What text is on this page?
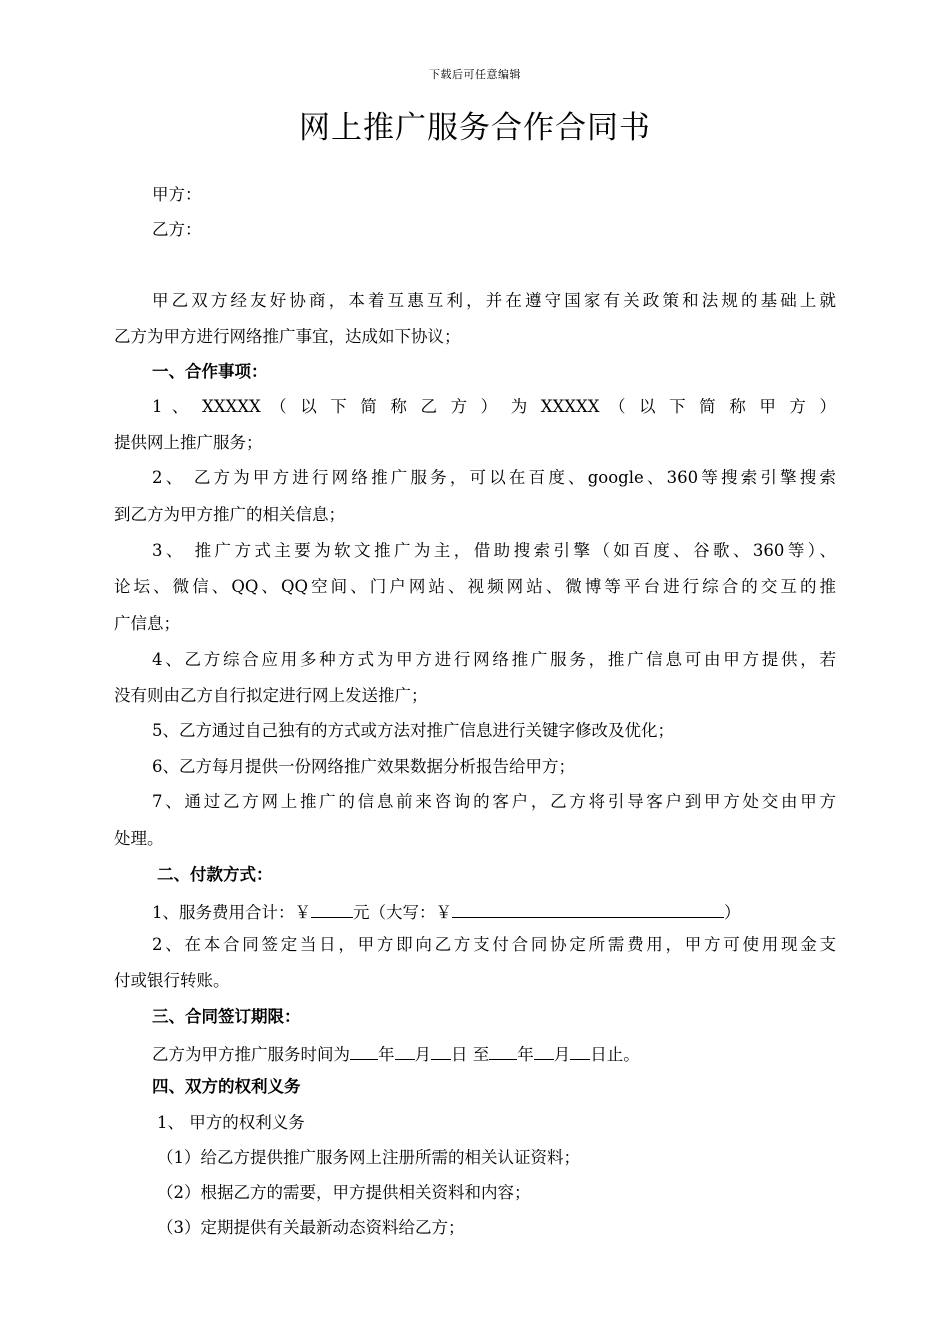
下载后可任意编辑
网上推广服务合作合同书
甲方：
乙方：
甲乙双方经友好协商，本着互惠互利，并在遵守国家有关政策和法规的基础上就
乙方为甲方进行网络推广事宜，达成如下协议；
一、合作事项：
1 、 XXXXX （ 以 下 简 称 乙 方 ） 为 XXXXX （ 以 下 简 称 甲 方 ）
提供网上推广服务；
2、 乙方为甲方进行网络推广服务，可以在百度、google、360等搜索引擎搜索
到乙方为甲方推广的相关信息；
3、 推广方式主要为软文推广为主，借助搜索引擎（如百度、谷歌、360等）、
论坛、微信、QQ、QQ空间、门户网站、视频网站、微博等平台进行综合的交互的推
广信息；
4、乙方综合应用多种方式为甲方进行网络推广服务，推广信息可由甲方提供，若
没有则由乙方自行拟定进行网上发送推广；
5、乙方通过自己独有的方式或方法对推广信息进行关键字修改及优化；
6、乙方每月提供一份网络推广效果数据分析报告给甲方；
7、通过乙方网上推广的信息前来咨询的客户，乙方将引导客户到甲方处交由甲方
处理。
二、付款方式：
1、服务费用合计：￥	元（大写：￥	）
2、在本合同签定当日，甲方即向乙方支付合同协定所需费用，甲方可使用现金支
付或银行转账。
三、合同签订期限：
乙方为甲方推广服务时间为 年 月 日 至 年 月 日止。
四、双方的权利义务
1、 甲方的权利义务
（1）给乙方提供推广服务网上注册所需的相关认证资料；
（2）根据乙方的需要，甲方提供相关资料和内容；
（3）定期提供有关最新动态资料给乙方；
